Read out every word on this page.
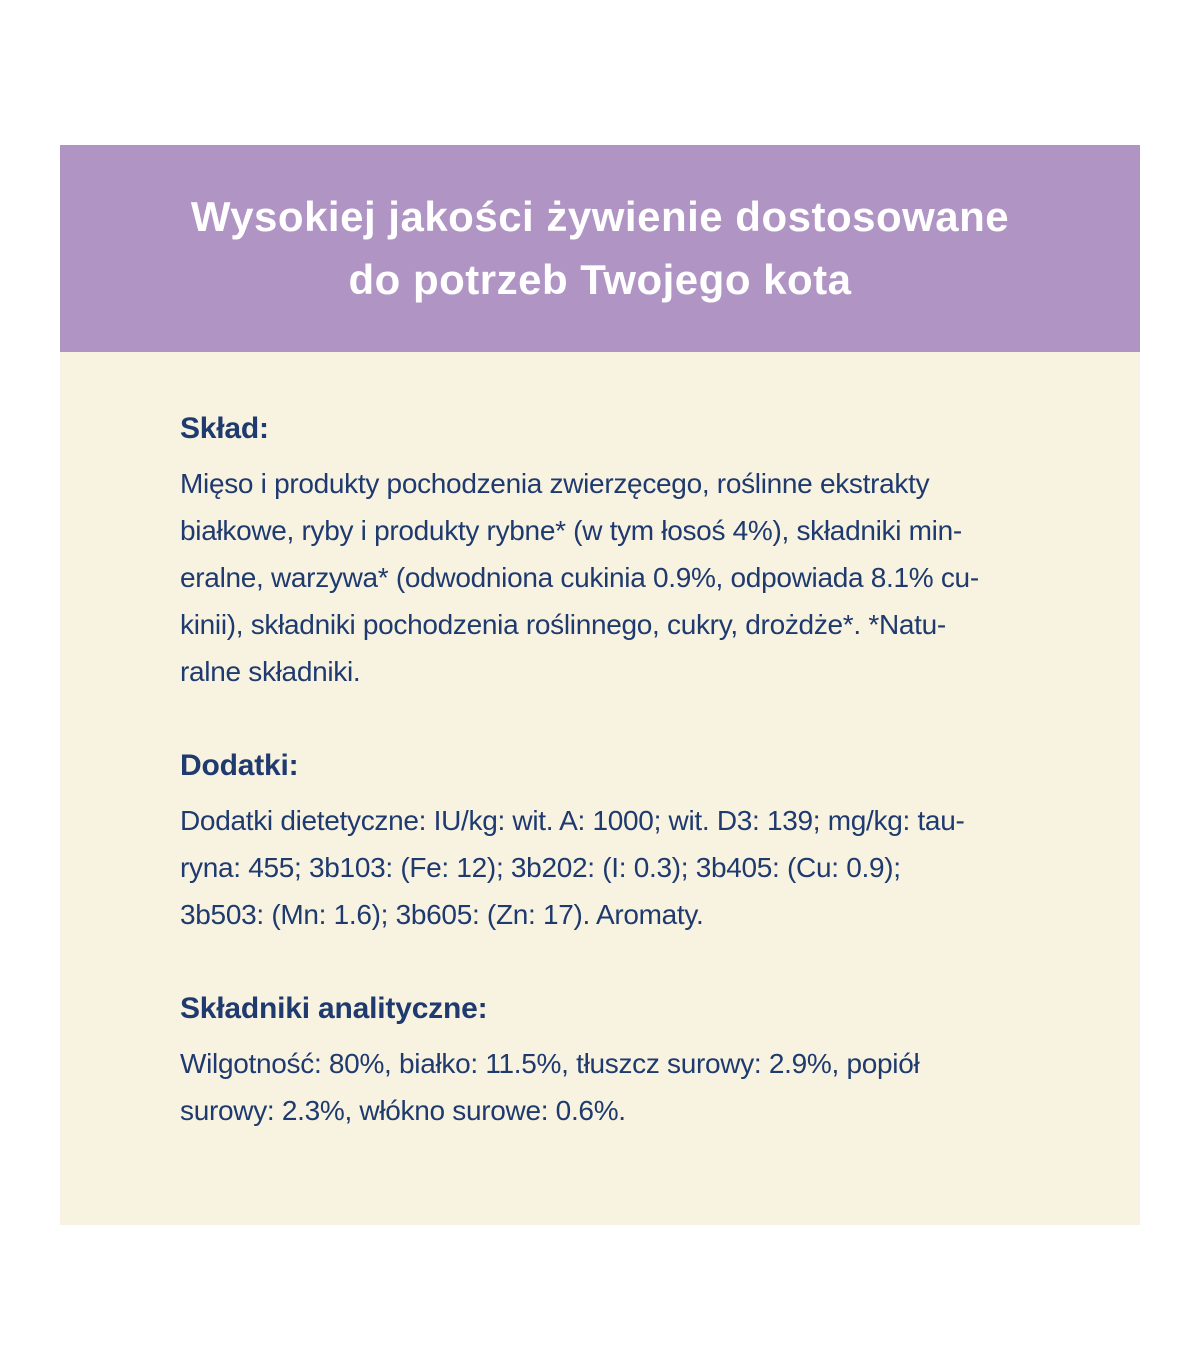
Wysokiej jakości żywienie dostosowane
do potrzeb Twojego kota
Skład:

Mięso i produkty pochodzenia zwierzęcego, roślinne ekstrakty

białkowe, ryby i produkty rybne* (w tym łosoś 4%), składniki min-

eralne, warzywa* (odwodniona cukinia 0.9%, odpowiada 8.1% cu-

kinii), składniki pochodzenia roślinnego, cukry, drożdże*. *Natu-

ralne składniki.

Dodatki:

Dodatki dietetyczne: IU/kg: wit. A: 1000; wit. D3: 139; mg/kg: tau-

ryna: 455; 3b103: (Fe: 12); 3b202: (I: 0.3); 3b405: (Cu: 0.9);

3b503: (Mn: 1.6); 3b605: (Zn: 17). Aromaty.

Składniki analityczne:

Wilgotność: 80%, białko: 11.5%, tłuszcz surowy: 2.9%, popiół

surowy: 2.3%, włókno surowe: 0.6%.
